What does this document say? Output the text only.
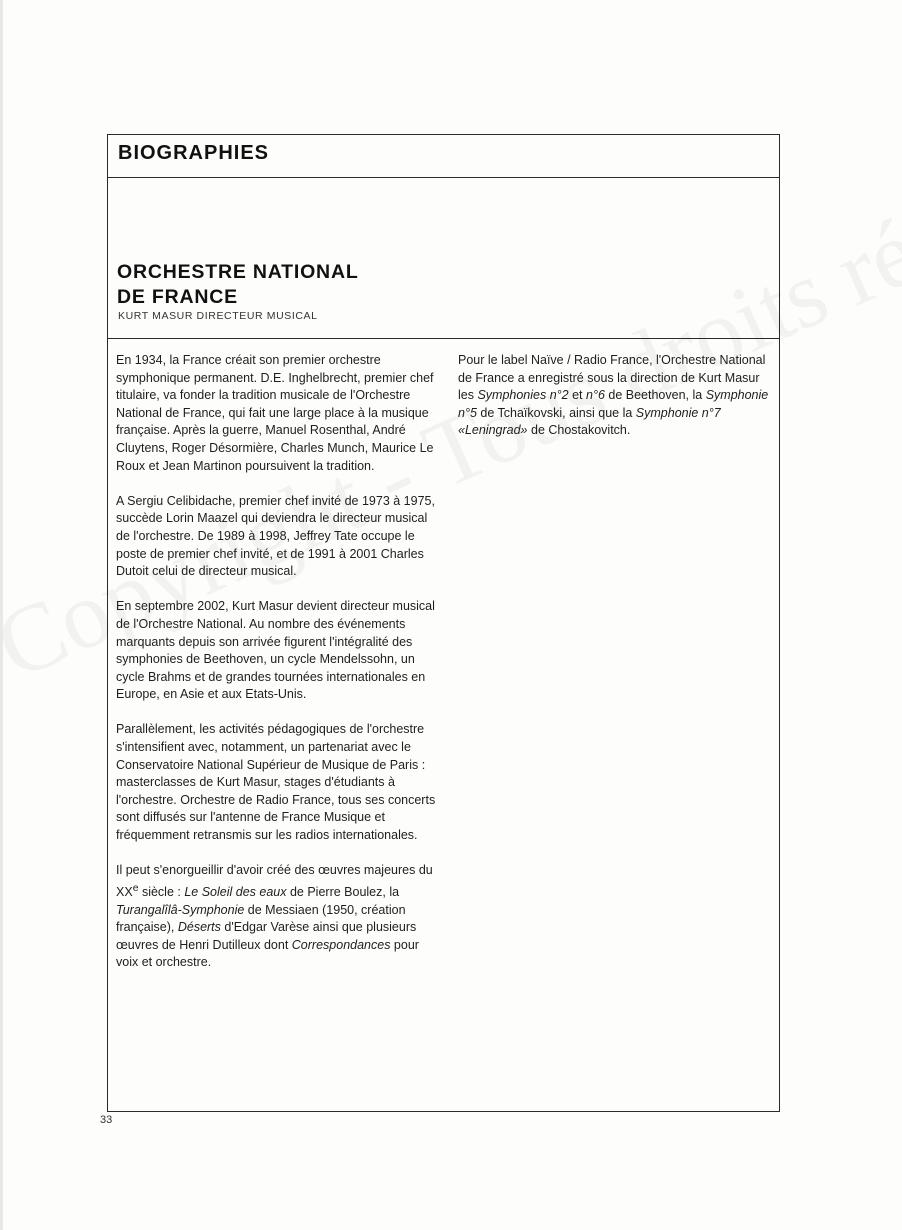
BIOGRAPHIES
ORCHESTRE NATIONAL
DE FRANCE
KURT MASUR DIRECTEUR MUSICAL

En 1934, la France créait son premier orchestre symphonique permanent. D.E. Inghelbrecht, premier chef titulaire, va fonder la tradition musicale de l'Orchestre National de France, qui fait une large place à la musique française. Après la guerre, Manuel Rosenthal, André Cluytens, Roger Désormière, Charles Munch, Maurice Le Roux et Jean Martinon poursuivent la tradition.

A Sergiu Celibidache, premier chef invité de 1973 à 1975, succède Lorin Maazel qui deviendra le directeur musical de l'orchestre. De 1989 à 1998, Jeffrey Tate occupe le poste de premier chef invité, et de 1991 à 2001 Charles Dutoit celui de directeur musical.

En septembre 2002, Kurt Masur devient directeur musical de l'Orchestre National. Au nombre des événements marquants depuis son arrivée figurent l'intégralité des symphonies de Beethoven, un cycle Mendelssohn, un cycle Brahms et de grandes tournées internationales en Europe, en Asie et aux Etats-Unis.

Parallèlement, les activités pédagogiques de l'orchestre s'intensifient avec, notamment, un partenariat avec le Conservatoire National Supérieur de Musique de Paris : masterclasses de Kurt Masur, stages d'étudiants à l'orchestre. Orchestre de Radio France, tous ses concerts sont diffusés sur l'antenne de France Musique et fréquemment retransmis sur les radios internationales.

Il peut s'enorgueillir d'avoir créé des œuvres majeures du XXe siècle : Le Soleil des eaux de Pierre Boulez, la Turangalîlâ-Symphonie de Messiaen (1950, création française), Déserts d'Edgar Varèse ainsi que plusieurs œuvres de Henri Dutilleux dont Correspondances pour voix et orchestre.

Pour le label Naïve / Radio France, l'Orchestre National de France a enregistré sous la direction de Kurt Masur les Symphonies n°2 et n°6 de Beethoven, la Symphonie n°5 de Tchaïkovski, ainsi que la Symphonie n°7 «Leningrad» de Chostakovitch.

33
